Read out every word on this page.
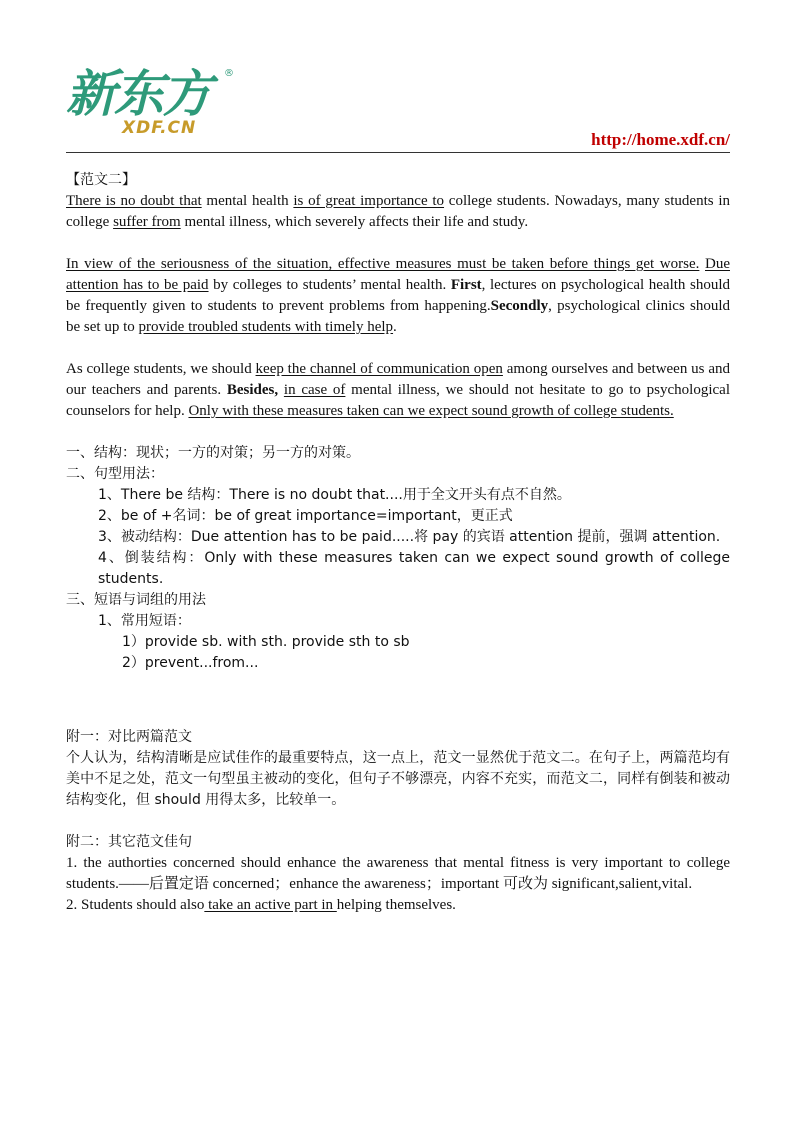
新东方 ®
XDF.CN
http://home.xdf.cn/

【范文二】

There is no doubt that mental health is of great importance to college students. Nowadays, many students in college suffer from mental illness, which severely affects their life and study.

In view of the seriousness of the situation, effective measures must be taken before things get worse. Due attention has to be paid by colleges to students’ mental health. First, lectures on psychological health should be frequently given to students to prevent problems from happening.Secondly, psychological clinics should be set up to provide troubled students with timely help.

As college students, we should keep the channel of communication open among ourselves and between us and our teachers and parents. Besides, in case of mental illness, we should not hesitate to go to psychological counselors for help. Only with these measures taken can we expect sound growth of college students.

一、结构：现状；一方的对策；另一方的对策。

二、句型用法：

1、There be 结构：There is no doubt that....用于全文开头有点不自然。

2、be of +名词：be of great importance=important，更正式

3、被动结构：Due attention has to be paid.....将 pay 的宾语 attention 提前，强调 attention.

4、倒装结构：Only with these measures taken can we expect sound growth of college students.

三、短语与词组的用法

1、常用短语：

1）provide sb. with sth. provide sth to sb

2）prevent...from...

附一：对比两篇范文

个人认为，结构清晰是应试佳作的最重要特点，这一点上，范文一显然优于范文二。在句子上，两篇范均有美中不足之处，范文一句型虽主被动的变化，但句子不够漂亮，内容不充实，而范文二，同样有倒装和被动结构变化，但 should 用得太多，比较单一。

附二：其它范文佳句

1. the authorties concerned should enhance the awareness that mental fitness is very important to college students.——后置定语 concerned；enhance the awareness；important 可改为 significant,salient,vital.

2. Students should also take an active part in helping themselves.
